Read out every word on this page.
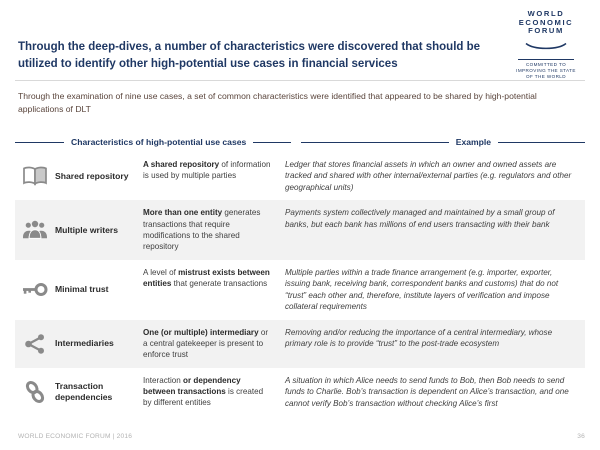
WORLD
ECONOMIC
FORUM
COMMITTED TO
IMPROVING THE STATE
OF THE WORLD
Through the deep-dives, a number of characteristics were discovered that should be utilized to identify other high-potential use cases in financial services

Through the examination of nine use cases, a set of common characteristics were identified that appeared to be shared by high-potential applications of DLT

Characteristics of high-potential use cases	Example
Shared repository
A shared repository of information is used by multiple parties
Ledger that stores financial assets in which an owner and owned assets are tracked and shared with other internal/external parties (e.g. regulators and other geographical units)
Multiple writers
More than one entity generates transactions that require modifications to the shared repository
Payments system collectively managed and maintained by a small group of banks, but each bank has millions of end users transacting with their bank
Minimal trust
A level of mistrust exists between entities that generate transactions
Multiple parties within a trade finance arrangement (e.g. importer, exporter, issuing bank, receiving bank, correspondent banks and customs) that do not “trust” each other and, therefore, institute layers of verification and impose collateral requirements
Intermediaries
One (or multiple) intermediary or a central gatekeeper is present to enforce trust
Removing and/or reducing the importance of a central intermediary, whose primary role is to provide “trust” to the post-trade ecosystem
Transaction dependencies
Interaction or dependency between transactions is created by different entities
A situation in which Alice needs to send funds to Bob, then Bob needs to send funds to Charlie. Bob’s transaction is dependent on Alice’s transaction, and one cannot verify Bob’s transaction without checking Alice’s first
WORLD ECONOMIC FORUM | 2016	36
